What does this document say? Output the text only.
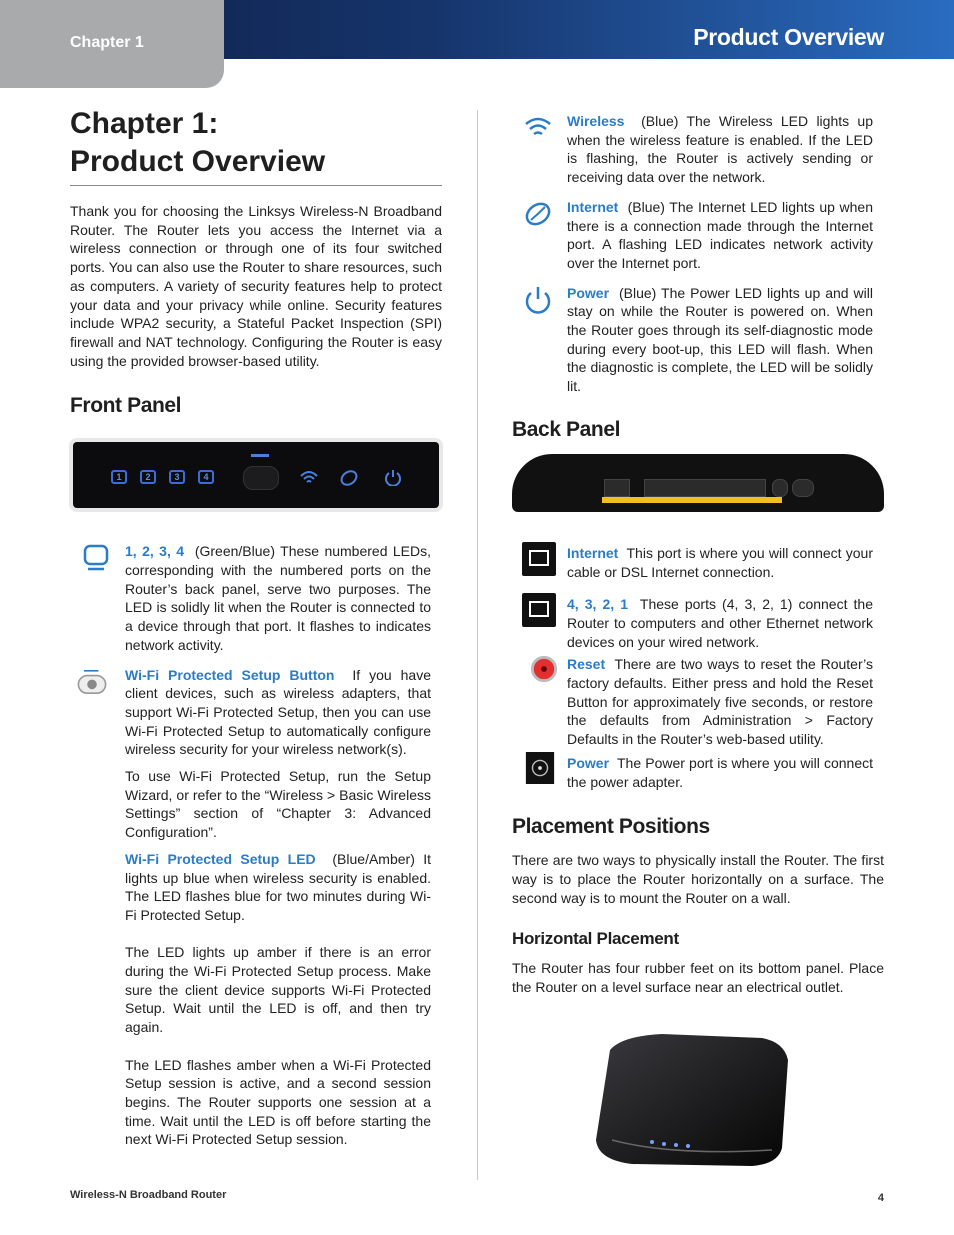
Chapter 1	Product Overview
Chapter 1:
Product Overview

Thank you for choosing the Linksys Wireless-N Broadband Router. The Router lets you access the Internet via a wireless connection or through one of its four switched ports. You can also use the Router to share resources, such as computers. A variety of security features help to protect your data and your privacy while online. Security features include WPA2 security, a Stateful Packet Inspection (SPI) firewall and NAT technology. Configuring the Router is easy using the provided browser-based utility.

Front Panel
1	2	3	4

1, 2, 3, 4 (Green/Blue) These numbered LEDs, corresponding with the numbered ports on the Router’s back panel, serve two purposes. The LED is solidly lit when the Router is connected to a device through that port. It flashes to indicates network activity.

Wi-Fi Protected Setup Button If you have client devices, such as wireless adapters, that support Wi-Fi Protected Setup, then you can use Wi-Fi Protected Setup to automatically configure wireless security for your wireless network(s).

To use Wi-Fi Protected Setup, run the Setup Wizard, or refer to the “Wireless > Basic Wireless Settings” section of “Chapter 3: Advanced Configuration”.

Wi-Fi Protected Setup LED (Blue/Amber) It lights up blue when wireless security is enabled. The LED flashes blue for two minutes during Wi-Fi Protected Setup.

The LED lights up amber if there is an error during the Wi-Fi Protected Setup process. Make sure the client device supports Wi-Fi Protected Setup. Wait until the LED is off, and then try again.

The LED flashes amber when a Wi-Fi Protected Setup session is active, and a second session begins. The Router supports one session at a time. Wait until the LED is off before starting the next Wi-Fi Protected Setup session.

Wireless (Blue) The Wireless LED lights up when the wireless feature is enabled. If the LED is flashing, the Router is actively sending or receiving data over the network.

Internet (Blue) The Internet LED lights up when there is a connection made through the Internet port. A flashing LED indicates network activity over the Internet port.

Power (Blue) The Power LED lights up and will stay on while the Router is powered on. When the Router goes through its self-diagnostic mode during every boot-up, this LED will flash. When the diagnostic is complete, the LED will be solidly lit.

Back Panel

Internet This port is where you will connect your cable or DSL Internet connection.

4, 3, 2, 1 These ports (4, 3, 2, 1) connect the Router to computers and other Ethernet network devices on your wired network.

Reset There are two ways to reset the Router’s factory defaults. Either press and hold the Reset Button for approximately five seconds, or restore the defaults from Administration > Factory Defaults in the Router’s web-based utility.

Power The Power port is where you will connect the power adapter.

Placement Positions

There are two ways to physically install the Router. The first way is to place the Router horizontally on a surface. The second way is to mount the Router on a wall.

Horizontal Placement

The Router has four rubber feet on its bottom panel. Place the Router on a level surface near an electrical outlet.

Wireless-N Broadband Router	4
